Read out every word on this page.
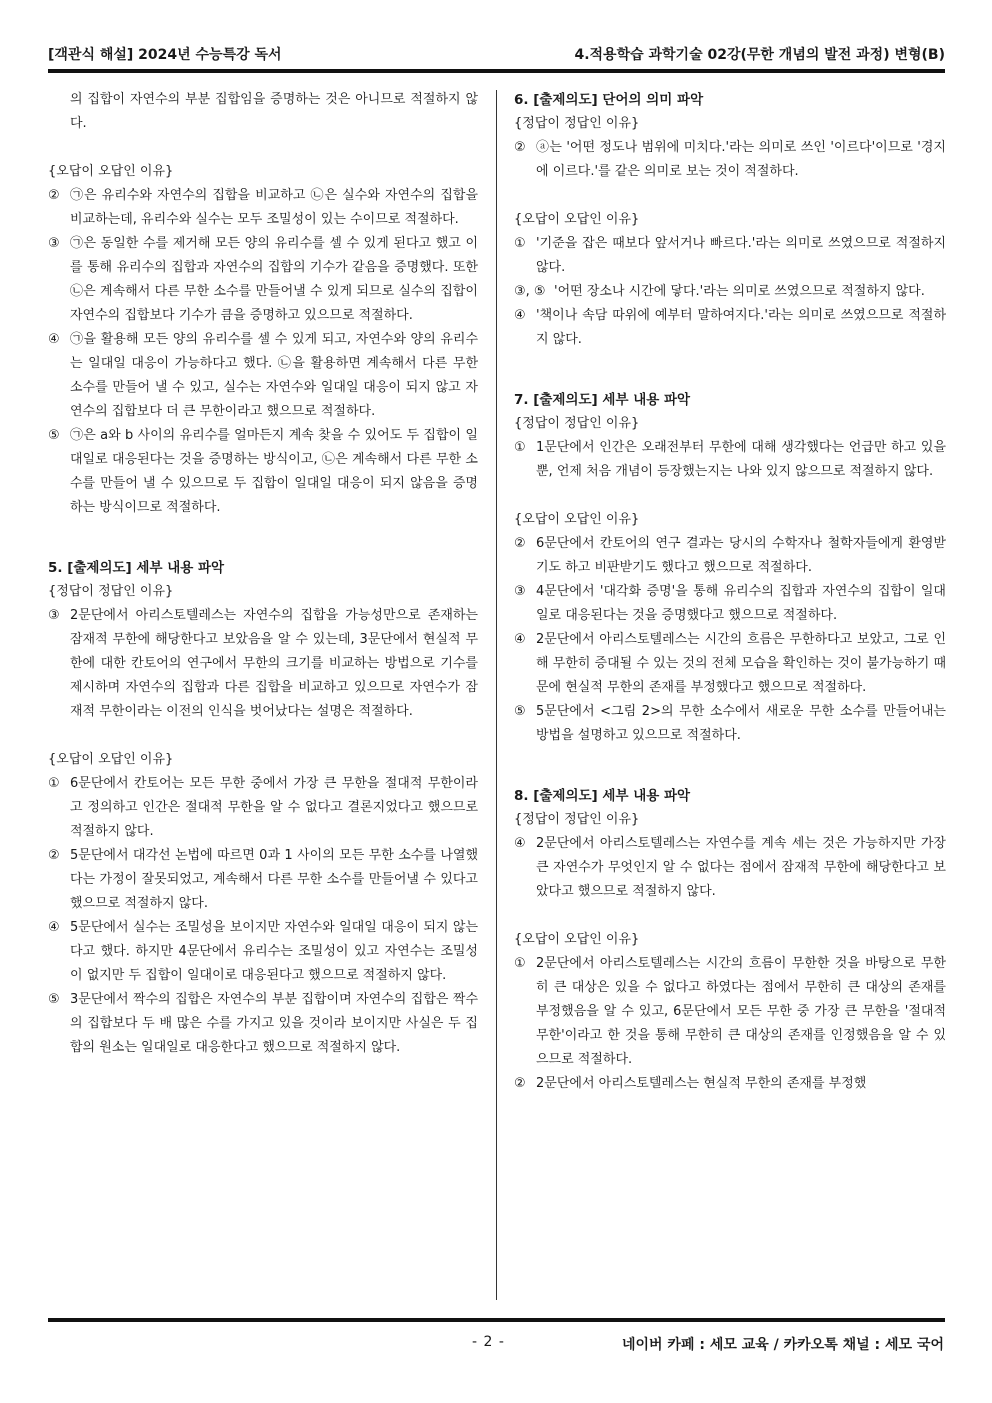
[객관식 해설] 2024년 수능특강 독서	4.적용학습 과학기술 02강(무한 개념의 발전 과정) 변형(B)

의 집합이 자연수의 부분 집합임을 증명하는 것은 아니므로 적절하지 않다.

{오답이 오답인 이유}

② ㉠은 유리수와 자연수의 집합을 비교하고 ㉡은 실수와 자연수의 집합을 비교하는데, 유리수와 실수는 모두 조밀성이 있는 수이므로 적절하다.
③ ㉠은 동일한 수를 제거해 모든 양의 유리수를 셀 수 있게 된다고 했고 이를 통해 유리수의 집합과 자연수의 집합의 기수가 같음을 증명했다. 또한 ㉡은 계속해서 다른 무한 소수를 만들어낼 수 있게 되므로 실수의 집합이 자연수의 집합보다 기수가 큼을 증명하고 있으므로 적절하다.
④ ㉠을 활용해 모든 양의 유리수를 셀 수 있게 되고, 자연수와 양의 유리수는 일대일 대응이 가능하다고 했다. ㉡을 활용하면 계속해서 다른 무한 소수를 만들어 낼 수 있고, 실수는 자연수와 일대일 대응이 되지 않고 자연수의 집합보다 더 큰 무한이라고 했으므로 적절하다.
⑤ ㉠은 a와 b 사이의 유리수를 얼마든지 계속 찾을 수 있어도 두 집합이 일대일로 대응된다는 것을 증명하는 방식이고, ㉡은 계속해서 다른 무한 소수를 만들어 낼 수 있으므로 두 집합이 일대일 대응이 되지 않음을 증명하는 방식이므로 적절하다.

5. [출제의도] 세부 내용 파악

{정답이 정답인 이유}

③ 2문단에서 아리스토텔레스는 자연수의 집합을 가능성만으로 존재하는 잠재적 무한에 해당한다고 보았음을 알 수 있는데, 3문단에서 현실적 무한에 대한 칸토어의 연구에서 무한의 크기를 비교하는 방법으로 기수를 제시하며 자연수의 집합과 다른 집합을 비교하고 있으므로 자연수가 잠재적 무한이라는 이전의 인식을 벗어났다는 설명은 적절하다.

{오답이 오답인 이유}

① 6문단에서 칸토어는 모든 무한 중에서 가장 큰 무한을 절대적 무한이라고 정의하고 인간은 절대적 무한을 알 수 없다고 결론지었다고 했으므로 적절하지 않다.
② 5문단에서 대각선 논법에 따르면 0과 1 사이의 모든 무한 소수를 나열했다는 가정이 잘못되었고, 계속해서 다른 무한 소수를 만들어낼 수 있다고 했으므로 적절하지 않다.
④ 5문단에서 실수는 조밀성을 보이지만 자연수와 일대일 대응이 되지 않는다고 했다. 하지만 4문단에서 유리수는 조밀성이 있고 자연수는 조밀성이 없지만 두 집합이 일대이로 대응된다고 했으므로 적절하지 않다.
⑤ 3문단에서 짝수의 집합은 자연수의 부분 집합이며 자연수의 집합은 짝수의 집합보다 두 배 많은 수를 가지고 있을 것이라 보이지만 사실은 두 집합의 원소는 일대일로 대응한다고 했으므로 적절하지 않다.

6. [출제의도] 단어의 의미 파악

{정답이 정답인 이유}

② ⓐ는 '어떤 정도나 범위에 미치다.'라는 의미로 쓰인 '이르다'이므로 '경지에 이르다.'를 같은 의미로 보는 것이 적절하다.

{오답이 오답인 이유}

① '기준을 잡은 때보다 앞서거나 빠르다.'라는 의미로 쓰였으므로 적절하지 않다.
③, ⑤ '어떤 장소나 시간에 닿다.'라는 의미로 쓰였으므로 적절하지 않다.
④ '책이나 속담 따위에 예부터 말하여지다.'라는 의미로 쓰였으므로 적절하지 않다.

7. [출제의도] 세부 내용 파악

{정답이 정답인 이유}

① 1문단에서 인간은 오래전부터 무한에 대해 생각했다는 언급만 하고 있을 뿐, 언제 처음 개념이 등장했는지는 나와 있지 않으므로 적절하지 않다.

{오답이 오답인 이유}

② 6문단에서 칸토어의 연구 결과는 당시의 수학자나 철학자들에게 환영받기도 하고 비판받기도 했다고 했으므로 적절하다.
③ 4문단에서 '대각화 증명'을 통해 유리수의 집합과 자연수의 집합이 일대일로 대응된다는 것을 증명했다고 했으므로 적절하다.
④ 2문단에서 아리스토텔레스는 시간의 흐름은 무한하다고 보았고, 그로 인해 무한히 증대될 수 있는 것의 전체 모습을 확인하는 것이 불가능하기 때문에 현실적 무한의 존재를 부정했다고 했으므로 적절하다.
⑤ 5문단에서 <그림 2>의 무한 소수에서 새로운 무한 소수를 만들어내는 방법을 설명하고 있으므로 적절하다.

8. [출제의도] 세부 내용 파악

{정답이 정답인 이유}

④ 2문단에서 아리스토텔레스는 자연수를 계속 세는 것은 가능하지만 가장 큰 자연수가 무엇인지 알 수 없다는 점에서 잠재적 무한에 해당한다고 보았다고 했으므로 적절하지 않다.

{오답이 오답인 이유}

① 2문단에서 아리스토텔레스는 시간의 흐름이 무한한 것을 바탕으로 무한히 큰 대상은 있을 수 없다고 하였다는 점에서 무한히 큰 대상의 존재를 부정했음을 알 수 있고, 6문단에서 모든 무한 중 가장 큰 무한을 '절대적 무한'이라고 한 것을 통해 무한히 큰 대상의 존재를 인정했음을 알 수 있으므로 적절하다.
② 2문단에서 아리스토텔레스는 현실적 무한의 존재를 부정했
- 2 -	네이버 카페 : 세모 교육 / 카카오톡 채널 : 세모 국어
